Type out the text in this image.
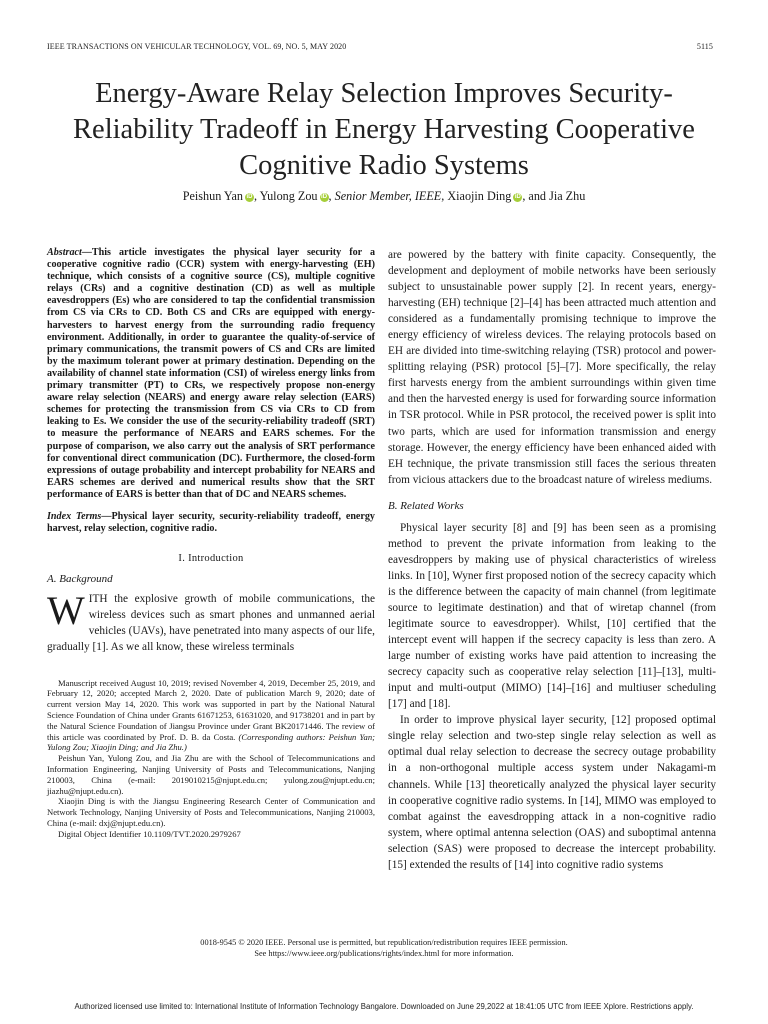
IEEE TRANSACTIONS ON VEHICULAR TECHNOLOGY, VOL. 69, NO. 5, MAY 2020	5115
Energy-Aware Relay Selection Improves Security-Reliability Tradeoff in Energy Harvesting Cooperative Cognitive Radio Systems
Peishun Yan iD , Yulong Zou iD , Senior Member, IEEE, Xiaojin Ding iD , and Jia Zhu
Abstract—This article investigates the physical layer security for a cooperative cognitive radio (CCR) system with energy-harvesting (EH) technique, which consists of a cognitive source (CS), multiple cognitive relays (CRs) and a cognitive destination (CD) as well as multiple eavesdroppers (Es) who are considered to tap the confidential transmission from CS via CRs to CD. Both CS and CRs are equipped with energy-harvesters to harvest energy from the surrounding radio frequency environment. Additionally, in order to guarantee the quality-of-service of primary communications, the transmit powers of CS and CRs are limited by the maximum tolerant power at primary destination. Depending on the availability of channel state information (CSI) of wireless energy links from primary transmitter (PT) to CRs, we respectively propose non-energy aware relay selection (NEARS) and energy aware relay selection (EARS) schemes for protecting the transmission from CS via CRs to CD from leaking to Es. We consider the use of the security-reliability tradeoff (SRT) to measure the performance of NEARS and EARS schemes. For the purpose of comparison, we also carry out the analysis of SRT performance for conventional direct communication (DC). Furthermore, the closed-form expressions of outage probability and intercept probability for NEARS and EARS schemes are derived and numerical results show that the SRT performance of EARS is better than that of DC and NEARS schemes.
Index Terms—Physical layer security, security-reliability tradeoff, energy harvest, relay selection, cognitive radio.
I. Introduction
A. Background
WITH the explosive growth of mobile communications, the wireless devices such as smart phones and unmanned aerial vehicles (UAVs), have penetrated into many aspects of our life, gradually [1]. As we all know, these wireless terminals

Manuscript received August 10, 2019; revised November 4, 2019, December 25, 2019, and February 12, 2020; accepted March 2, 2020. Date of publication March 9, 2020; date of current version May 14, 2020. This work was supported in part by the National Natural Science Foundation of China under Grants 61671253, 61631020, and 91738201 and in part by the Natural Science Foundation of Jiangsu Province under Grant BK20171446. The review of this article was coordinated by Prof. D. B. da Costa. (Corresponding authors: Peishun Yan; Yulong Zou; Xiaojin Ding; and Jia Zhu.)

Peishun Yan, Yulong Zou, and Jia Zhu are with the School of Telecommunications and Information Engineering, Nanjing University of Posts and Telecommunications, Nanjing 210003, China (e-mail: 2019010215@njupt.edu.cn; yulong.zou@njupt.edu.cn; jiazhu@njupt.edu.cn).

Xiaojin Ding is with the Jiangsu Engineering Research Center of Communication and Network Technology, Nanjing University of Posts and Telecommunications, Nanjing 210003, China (e-mail: dxj@njupt.edu.cn).

Digital Object Identifier 10.1109/TVT.2020.2979267

are powered by the battery with finite capacity. Consequently, the development and deployment of mobile networks have been seriously subject to unsustainable power supply [2]. In recent years, energy-harvesting (EH) technique [2]–[4] has been attracted much attention and considered as a fundamentally promising technique to improve the energy efficiency of wireless devices. The relaying protocols based on EH are divided into time-switching relaying (TSR) protocol and power-splitting relaying (PSR) protocol [5]–[7]. More specifically, the relay first harvests energy from the ambient surroundings within given time and then the harvested energy is used for forwarding source information in TSR protocol. While in PSR protocol, the received power is split into two parts, which are used for information transmission and energy storage. However, the energy efficiency have been enhanced aided with EH technique, the private transmission still faces the serious threaten from vicious attackers due to the broadcast nature of wireless mediums.

B. Related Works

Physical layer security [8] and [9] has been seen as a promising method to prevent the private information from leaking to the eavesdroppers by making use of physical characteristics of wireless links. In [10], Wyner first proposed notion of the secrecy capacity which is the difference between the capacity of main channel (from legitimate source to legitimate destination) and that of wiretap channel (from legitimate source to eavesdropper). Whilst, [10] certified that the intercept event will happen if the secrecy capacity is less than zero. A large number of existing works have paid attention to increasing the secrecy capacity such as cooperative relay selection [11]–[13], multi-input and multi-output (MIMO) [14]–[16] and multiuser scheduling [17] and [18].

In order to improve physical layer security, [12] proposed optimal single relay selection and two-step single relay selection as well as optimal dual relay selection to decrease the secrecy outage probability in a non-orthogonal multiple access system under Nakagami-m channels. While [13] theoretically analyzed the physical layer security in cooperative cognitive radio systems. In [14], MIMO was employed to combat against the eavesdropping attack in a non-cognitive radio system, where optimal antenna selection (OAS) and suboptimal antenna selection (SAS) were proposed to decrease the intercept probability. [15] extended the results of [14] into cognitive radio systems

0018-9545 © 2020 IEEE. Personal use is permitted, but republication/redistribution requires IEEE permission.
See https://www.ieee.org/publications/rights/index.html for more information.
Authorized licensed use limited to: International Institute of Information Technology Bangalore. Downloaded on June 29,2022 at 18:41:05 UTC from IEEE Xplore. Restrictions apply.
